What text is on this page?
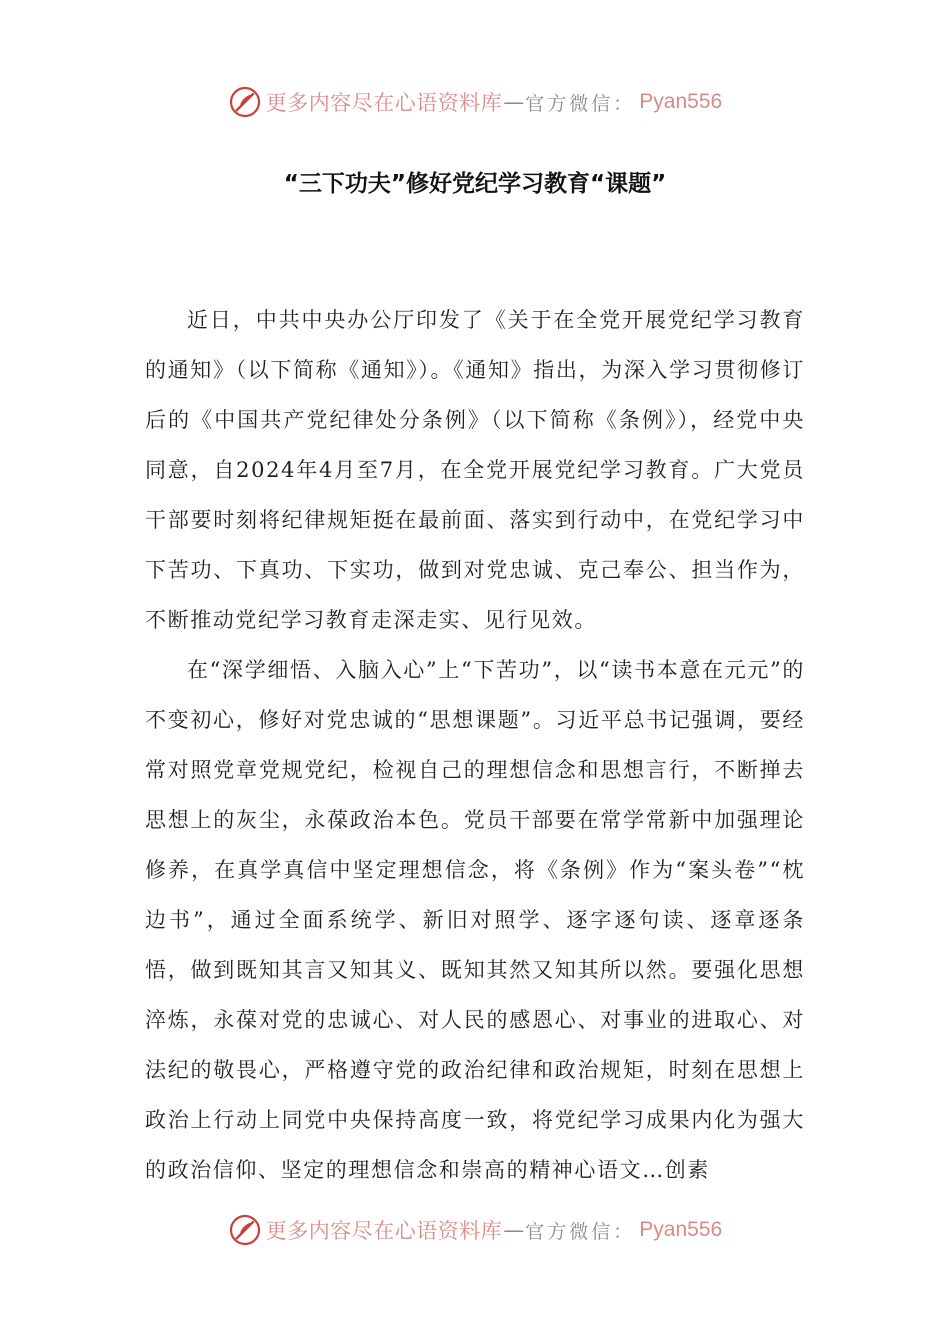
更多内容尽在心语资料库 — 官方微信： Pyan556
“三下功夫”修好党纪学习教育“课题”

近日，中共中央办公厅印发了《关于在全党开展党纪学习教育的通知》（以下简称《通知》）。《通知》指出，为深入学习贯彻修订后的《中国共产党纪律处分条例》（以下简称《条例》），经党中央同意，自2024年4月至7月，在全党开展党纪学习教育。广大党员干部要时刻将纪律规矩挺在最前面、落实到行动中，在党纪学习中下苦功、下真功、下实功，做到对党忠诚、克己奉公、担当作为，不断推动党纪学习教育走深走实、见行见效。

在“深学细悟、入脑入心”上“下苦功”，以“读书本意在元元”的不变初心，修好对党忠诚的“思想课题”。习近平总书记强调，要经常对照党章党规党纪，检视自己的理想信念和思想言行，不断掸去思想上的灰尘，永葆政治本色。党员干部要在常学常新中加强理论修养，在真学真信中坚定理想信念，将《条例》作为“案头卷”“枕边书”，通过全面系统学、新旧对照学、逐字逐句读、逐章逐条悟，做到既知其言又知其义、既知其然又知其所以然。要强化思想淬炼，永葆对党的忠诚心、对人民的感恩心、对事业的进取心、对法纪的敬畏心，严格遵守党的政治纪律和政治规矩，时刻在思想上政治上行动上同党中央保持高度一致，将党纪学习成果内化为强大的政治信仰、坚定的理想信念和崇高的精神心语文…创素

更多内容尽在心语资料库 — 官方微信： Pyan556
